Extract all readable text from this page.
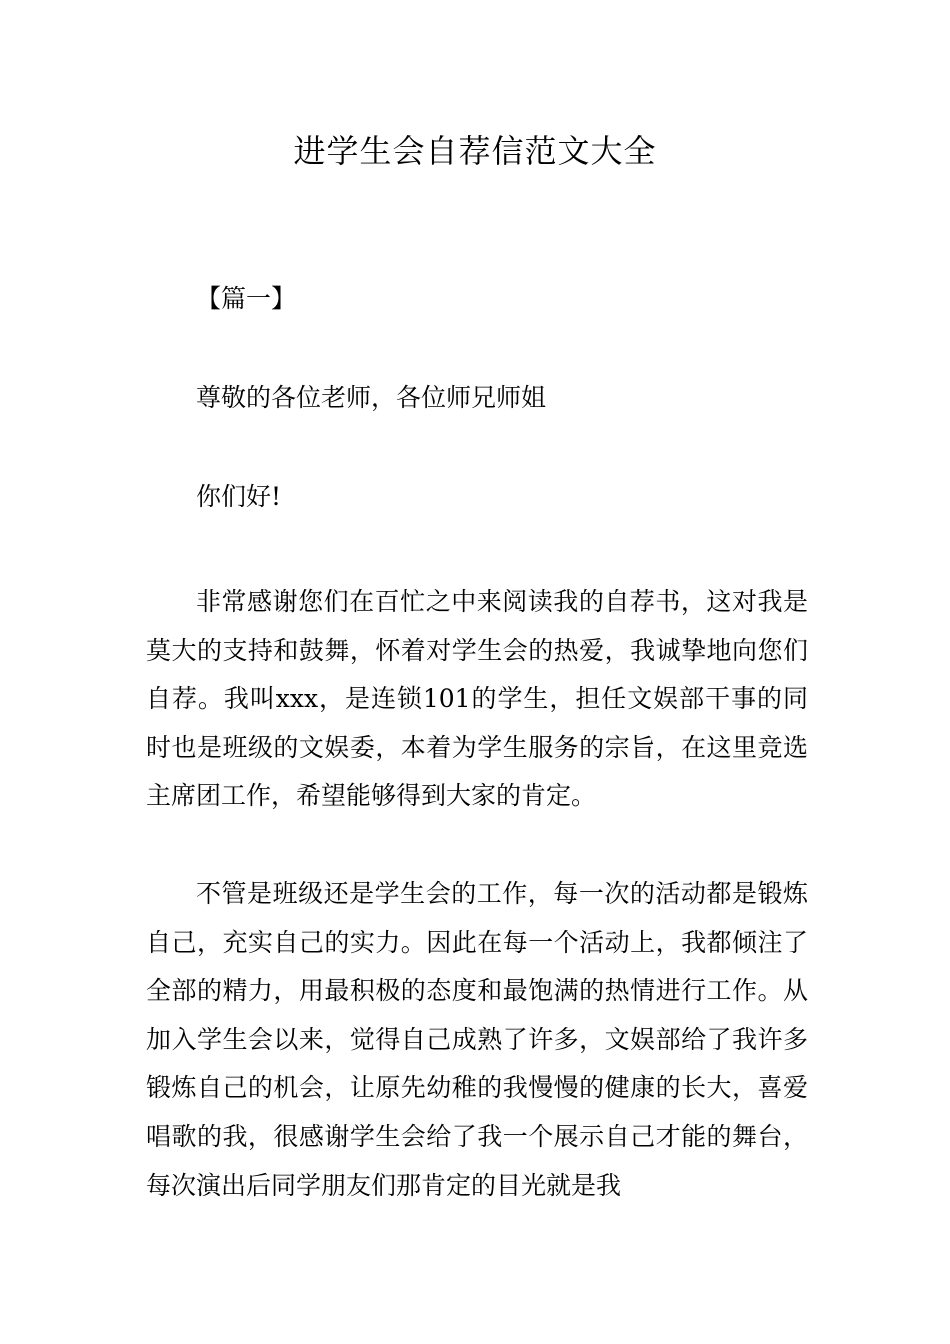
进学生会自荐信范文大全

【篇一】

尊敬的各位老师，各位师兄师姐

你们好!

非常感谢您们在百忙之中来阅读我的自荐书，这对我是莫大的支持和鼓舞，怀着对学生会的热爱，我诚挚地向您们自荐。我叫xxx，是连锁101的学生，担任文娱部干事的同时也是班级的文娱委，本着为学生服务的宗旨，在这里竞选主席团工作，希望能够得到大家的肯定。

不管是班级还是学生会的工作，每一次的活动都是锻炼自己，充实自己的实力。因此在每一个活动上，我都倾注了全部的精力，用最积极的态度和最饱满的热情进行工作。从加入学生会以来，觉得自己成熟了许多，文娱部给了我许多锻炼自己的机会，让原先幼稚的我慢慢的健康的长大，喜爱唱歌的我，很感谢学生会给了我一个展示自己才能的舞台，每次演出后同学朋友们那肯定的目光就是我
